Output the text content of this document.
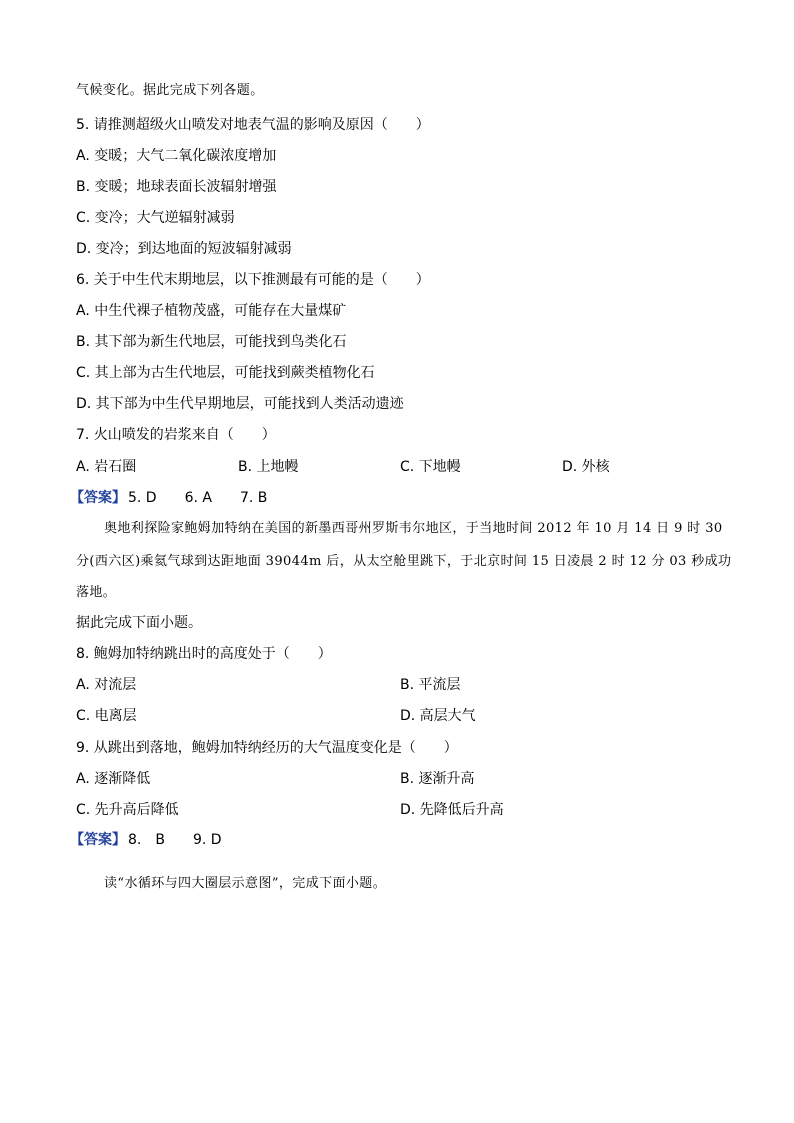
气候变化。据此完成下列各题。
5. 请推测超级火山喷发对地表气温的影响及原因（　　）
A. 变暖；大气二氧化碳浓度增加
B. 变暖；地球表面长波辐射增强
C. 变冷；大气逆辐射减弱
D. 变冷；到达地面的短波辐射减弱
6. 关于中生代末期地层，以下推测最有可能的是（　　）
A. 中生代裸子植物茂盛，可能存在大量煤矿
B. 其下部为新生代地层，可能找到鸟类化石
C. 其上部为古生代地层，可能找到蕨类植物化石
D. 其下部为中生代早期地层，可能找到人类活动遗迹
7. 火山喷发的岩浆来自（　　）
A. 岩石圈	B. 上地幔	C. 下地幔	D. 外核
【答案】 5. D　　6. A　　7. B
奥地利探险家鲍姆加特纳在美国的新墨西哥州罗斯韦尔地区，于当地时间 2012 年 10 月 14 日 9 时 30
分(西六区)乘氦气球到达距地面 39044m 后，从太空舱里跳下，于北京时间 15 日凌晨 2 时 12 分 03 秒成功
落地。
据此完成下面小题。
8. 鲍姆加特纳跳出时的高度处于（　　）
A. 对流层	B. 平流层
C. 电离层	D. 高层大气
9. 从跳出到落地，鲍姆加特纳经历的大气温度变化是（　　）
A. 逐渐降低	B. 逐渐升高
C. 先升高后降低	D. 先降低后升高
【答案】 8.　B　　9. D
读“水循环与四大圈层示意图”，完成下面小题。
